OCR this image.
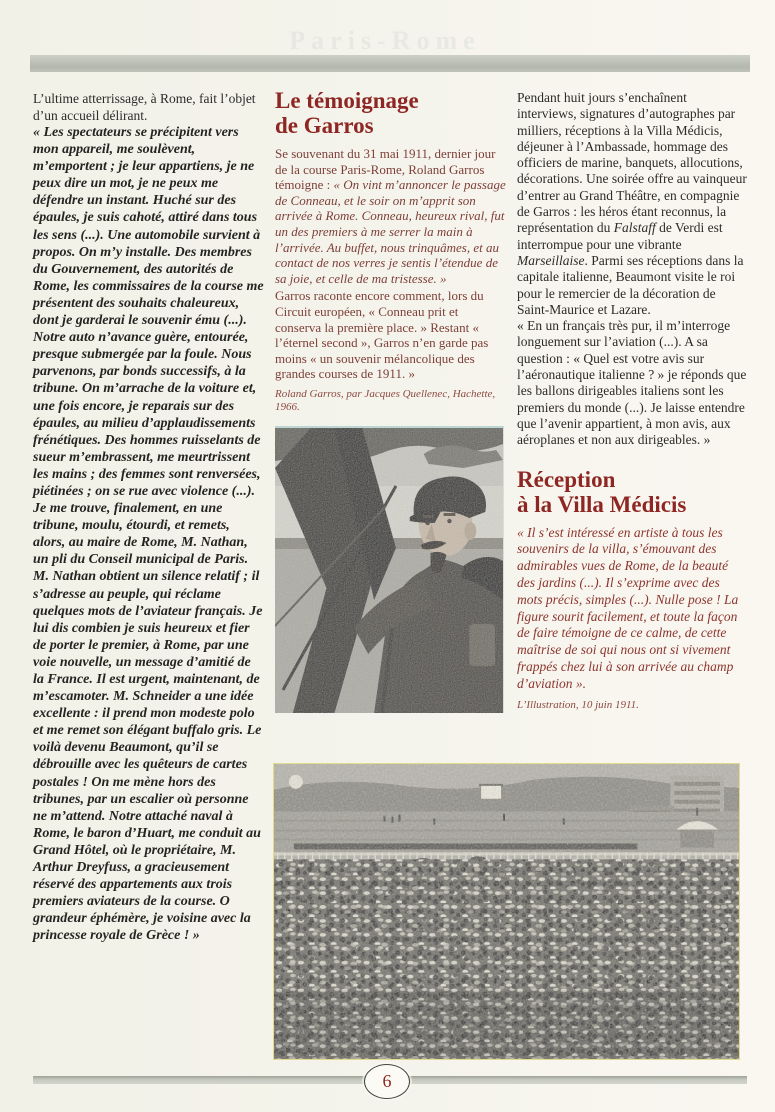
Paris-Rome

L’ultime atterrissage, à Rome, fait l’objet d’un accueil délirant.

« Les spectateurs se précipitent vers mon appareil, me soulèvent, m’emportent ; je leur appartiens, je ne peux dire un mot, je ne peux me défendre un instant. Huché sur des épaules, je suis cahoté, attiré dans tous les sens (...). Une automobile survient à propos. On m’y installe. Des membres du Gouvernement, des autorités de Rome, les commissaires de la course me présentent des souhaits chaleureux, dont je garderai le souvenir ému (...). Notre auto n’avance guère, entourée, presque submergée par la foule. Nous parvenons, par bonds successifs, à la tribune. On m’arrache de la voiture et, une fois encore, je reparais sur des épaules, au milieu d’applaudissements frénétiques. Des hommes ruisselants de sueur m’embrassent, me meurtrissent les mains ; des femmes sont renversées, piétinées ; on se rue avec violence (...). Je me trouve, finalement, en une tribune, moulu, étourdi, et remets, alors, au maire de Rome, M. Nathan, un pli du Conseil municipal de Paris. M. Nathan obtient un silence relatif ; il s’adresse au peuple, qui réclame quelques mots de l’aviateur français. Je lui dis combien je suis heureux et fier de porter le premier, à Rome, par une voie nouvelle, un message d’amitié de la France. Il est urgent, maintenant, de m’escamoter. M. Schneider a une idée excellente : il prend mon modeste polo et me remet son élégant buffalo gris. Le voilà devenu Beaumont, qu’il se débrouille avec les quêteurs de cartes postales ! On me mène hors des tribunes, par un escalier où personne ne m’attend. Notre attaché naval à Rome, le baron d’Huart, me conduit au Grand Hôtel, où le propriétaire, M. Arthur Dreyfuss, a gracieusement réservé des appartements aux trois premiers aviateurs de la course. O grandeur éphémère, je voisine avec la princesse royale de Grèce ! »

Le témoignage
de Garros

Se souvenant du 31 mai 1911, dernier jour de la course Paris-Rome, Roland Garros témoigne : « On vint m’annoncer le passage de Conneau, et le soir on m’apprit son arrivée à Rome. Conneau, heureux rival, fut un des premiers à me serrer la main à l’arrivée. Au buffet, nous trinquâmes, et au contact de nos verres je sentis l’étendue de sa joie, et celle de ma tristesse. »

Garros raconte encore comment, lors du Circuit européen, « Conneau prit et conserva la première place. » Restant « l’éternel second », Garros n’en garde pas moins « un souvenir mélancolique des grandes courses de 1911. »

Roland Garros, par Jacques Quellenec, Hachette, 1966.

Pendant huit jours s’enchaînent interviews, signatures d’autographes par milliers, réceptions à la Villa Médicis, déjeuner à l’Ambassade, hommage des officiers de marine, banquets, allocutions, décorations. Une soirée offre au vainqueur d’entrer au Grand Théâtre, en compagnie de Garros : les héros étant reconnus, la représentation du Falstaff de Verdi est interrompue pour une vibrante Marseillaise. Parmi ses réceptions dans la capitale italienne, Beaumont visite le roi pour le remercier de la décoration de Saint-Maurice et Lazare.

« En un français très pur, il m’interroge longuement sur l’aviation (...). A sa question : « Quel est votre avis sur l’aéronautique italienne ? » je réponds que les ballons dirigeables italiens sont les premiers du monde (...). Je laisse entendre que l’avenir appartient, à mon avis, aux aéroplanes et non aux dirigeables. »

Réception
à la Villa Médicis

« Il s’est intéressé en artiste à tous les souvenirs de la villa, s’émouvant des admirables vues de Rome, de la beauté des jardins (...). Il s’exprime avec des mots précis, simples (...). Nulle pose ! La figure sourit facilement, et toute la façon de faire témoigne de ce calme, de cette maîtrise de soi qui nous ont si vivement frappés chez lui à son arrivée au champ d’aviation ».

L’Illustration, 10 juin 1911.

6
